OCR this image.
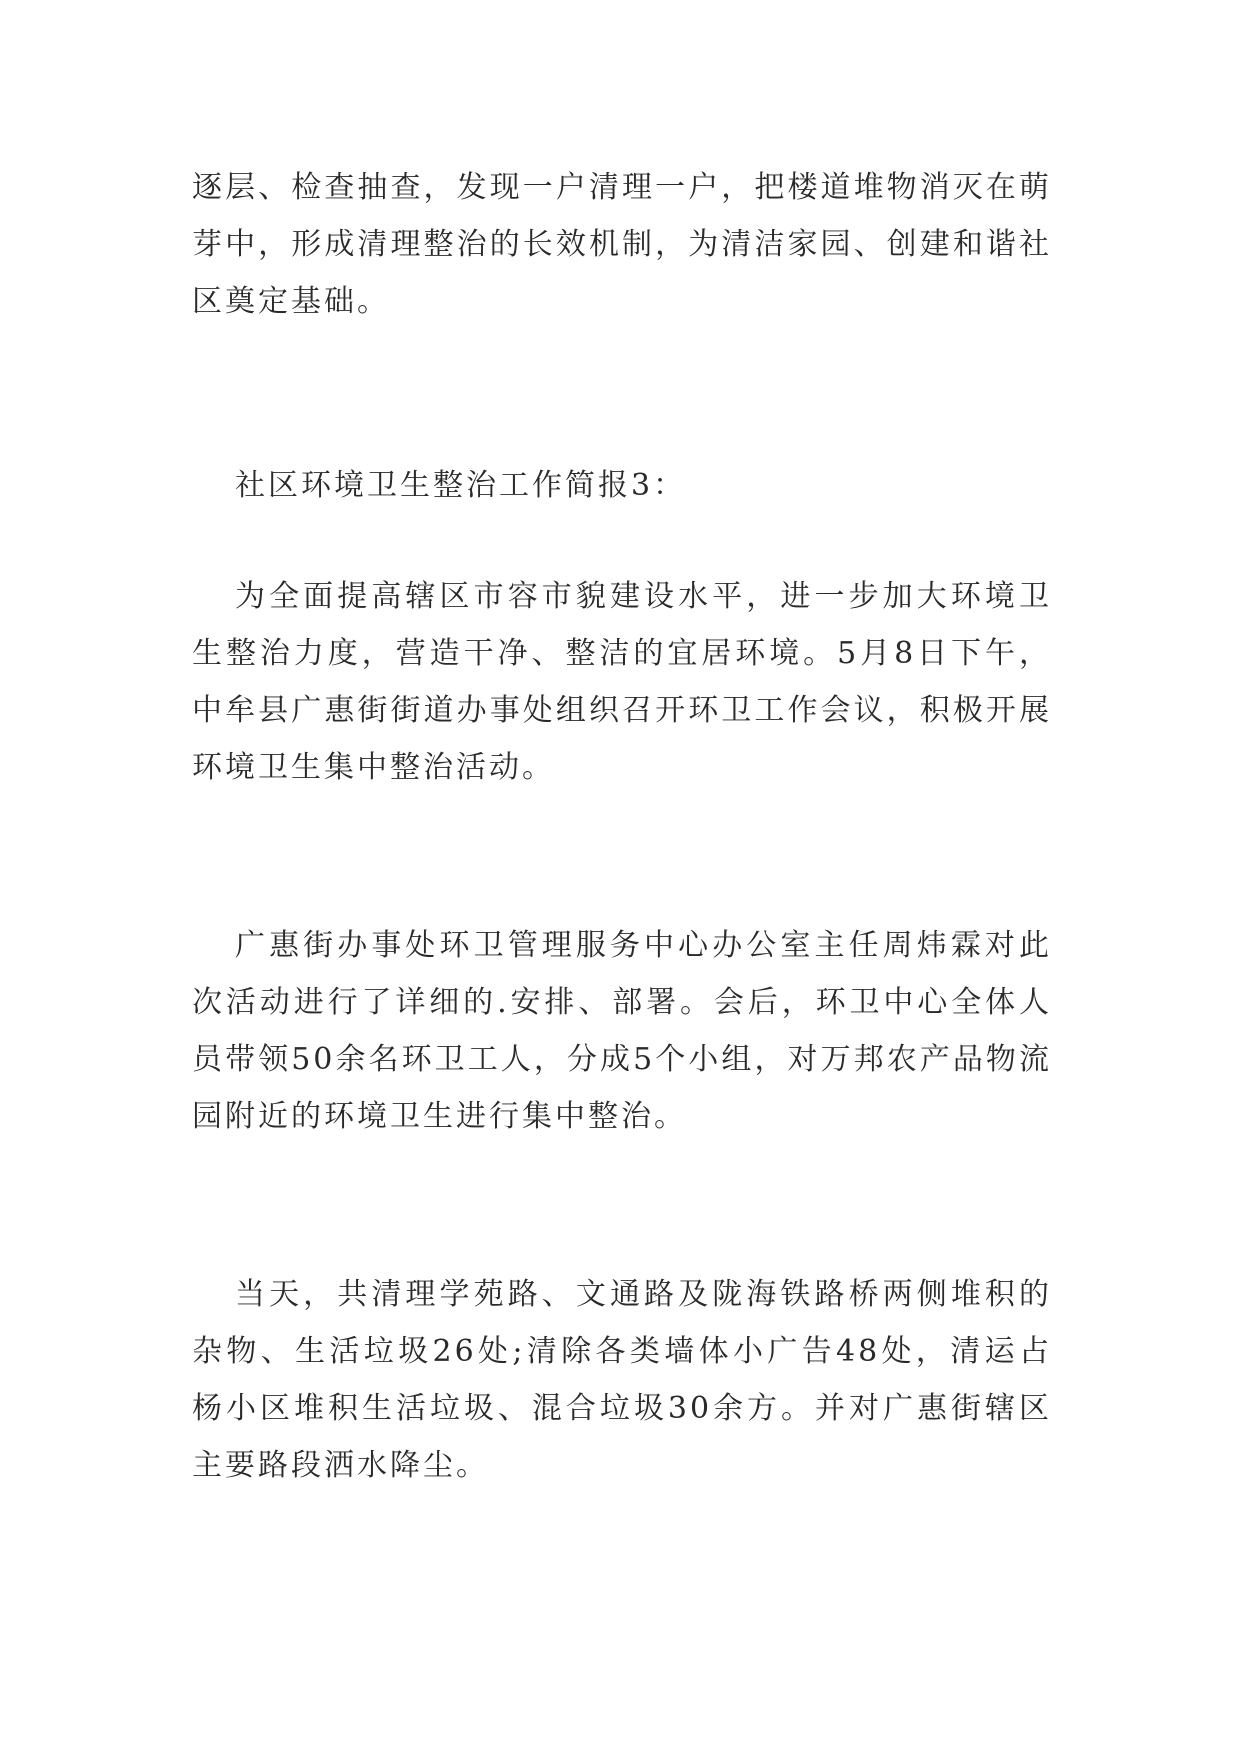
逐层、检查抽查，发现一户清理一户，把楼道堆物消灭在萌芽中，形成清理整治的长效机制，为清洁家园、创建和谐社区奠定基础。

社区环境卫生整治工作简报3：

为全面提高辖区市容市貌建设水平，进一步加大环境卫生整治力度，营造干净、整洁的宜居环境。5月8日下午，中牟县广惠街街道办事处组织召开环卫工作会议，积极开展环境卫生集中整治活动。

广惠街办事处环卫管理服务中心办公室主任周炜霖对此次活动进行了详细的.安排、部署。会后，环卫中心全体人员带领50余名环卫工人，分成5个小组，对万邦农产品物流园附近的环境卫生进行集中整治。

当天，共清理学苑路、文通路及陇海铁路桥两侧堆积的杂物、生活垃圾26处;清除各类墙体小广告48处，清运占杨小区堆积生活垃圾、混合垃圾30余方。并对广惠街辖区主要路段洒水降尘。
